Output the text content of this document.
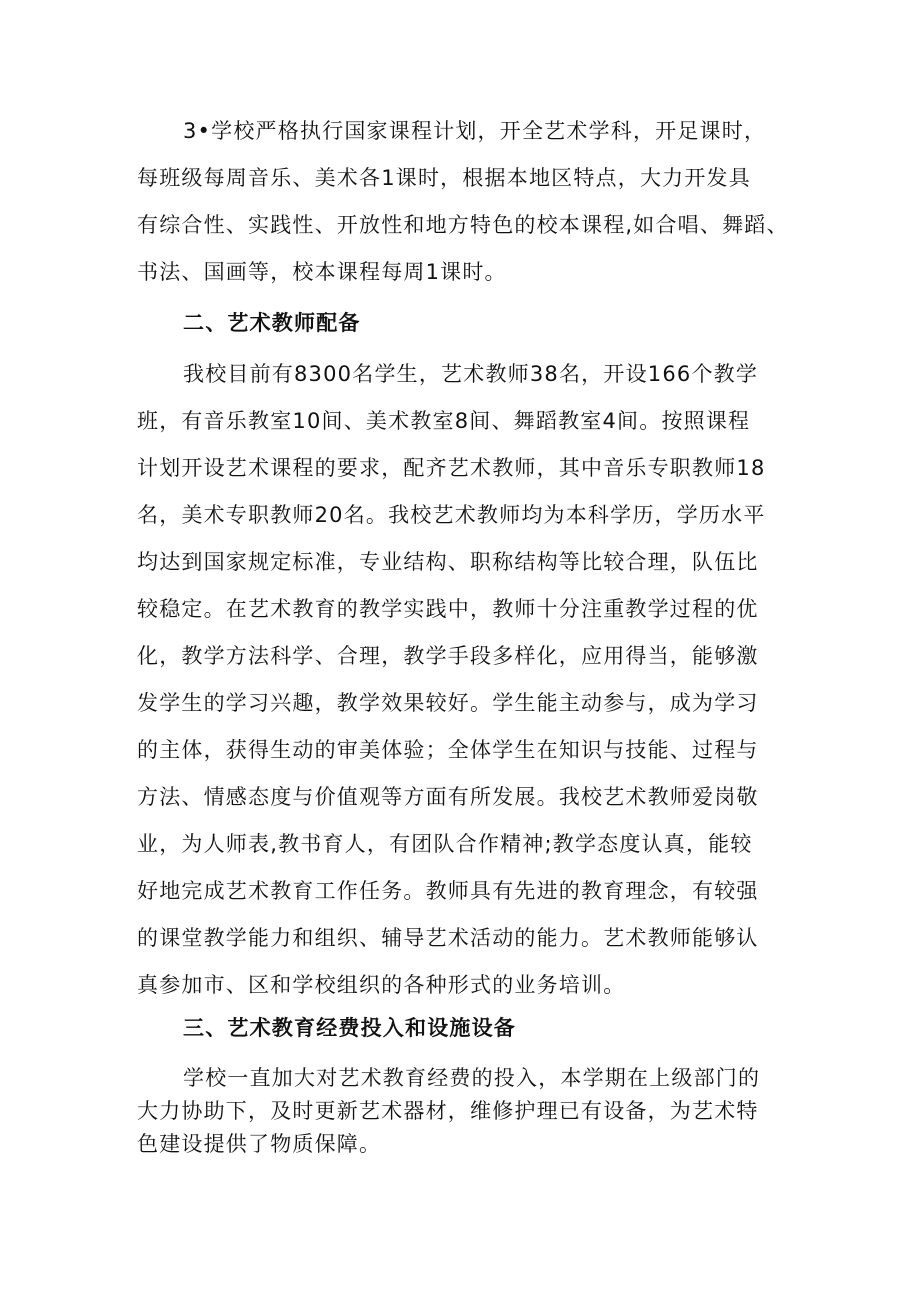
3•学校严格执行国家课程计划，开全艺术学科，开足课时，
每班级每周音乐、美术各1课时，根据本地区特点，大力开发具
有综合性、实践性、开放性和地方特色的校本课程,如合唱、舞蹈、
书法、国画等，校本课程每周1课时。
二、艺术教师配备
我校目前有8300名学生，艺术教师38名，开设166个教学
班，有音乐教室10间、美术教室8间、舞蹈教室4间。按照课程
计划开设艺术课程的要求，配齐艺术教师，其中音乐专职教师18
名，美术专职教师20名。我校艺术教师均为本科学历，学历水平
均达到国家规定标准，专业结构、职称结构等比较合理，队伍比
较稳定。在艺术教育的教学实践中，教师十分注重教学过程的优
化，教学方法科学、合理，教学手段多样化，应用得当，能够激
发学生的学习兴趣，教学效果较好。学生能主动参与，成为学习
的主体，获得生动的审美体验；全体学生在知识与技能、过程与
方法、情感态度与价值观等方面有所发展。我校艺术教师爱岗敬
业，为人师表,教书育人，有团队合作精神;教学态度认真，能较
好地完成艺术教育工作任务。教师具有先进的教育理念，有较强
的课堂教学能力和组织、辅导艺术活动的能力。艺术教师能够认
真参加市、区和学校组织的各种形式的业务培训。
三、艺术教育经费投入和设施设备
学校一直加大对艺术教育经费的投入，本学期在上级部门的
大力协助下，及时更新艺术器材，维修护理已有设备，为艺术特
色建设提供了物质保障。
